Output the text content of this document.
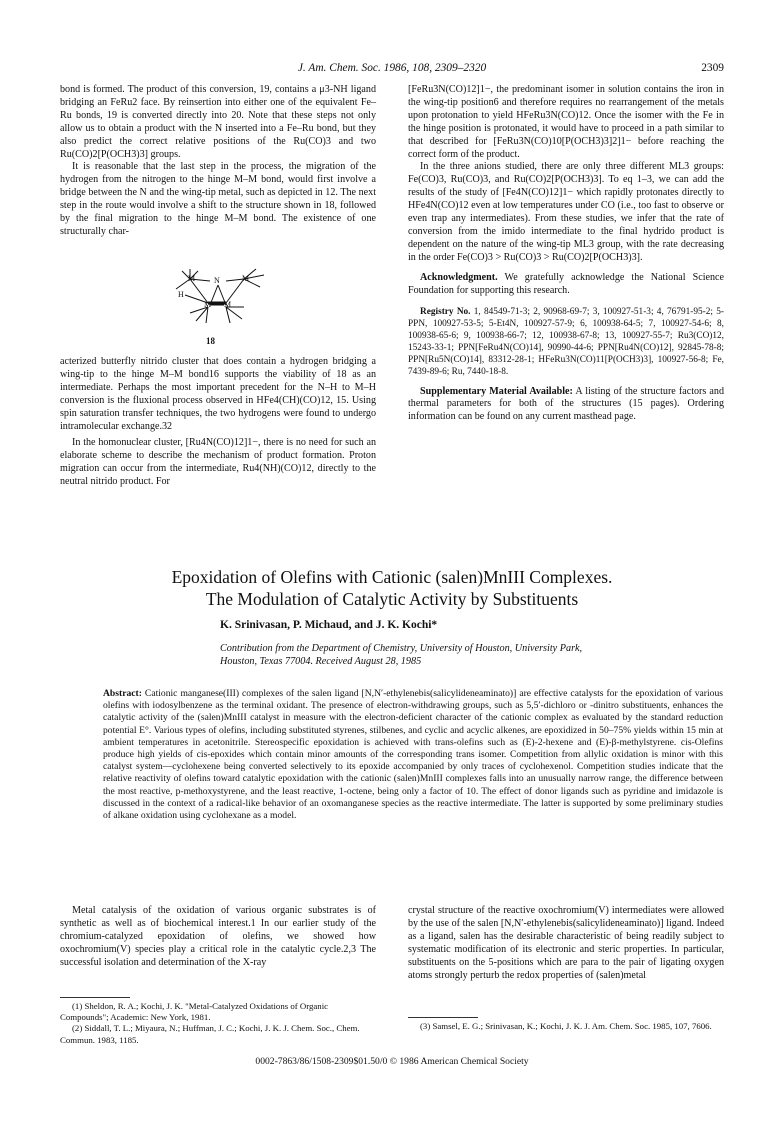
J. Am. Chem. Soc. 1986, 108, 2309–2320	2309

bond is formed. The product of this conversion, 19, contains a μ3-NH ligand bridging an FeRu2 face. By reinsertion into either one of the equivalent Fe–Ru bonds, 19 is converted directly into 20. Note that these steps not only allow us to obtain a product with the N inserted into a Fe–Ru bond, but they also predict the correct relative positions of the Ru(CO)3 and two Ru(CO)2[P(OCH3)3] groups.

It is reasonable that the last step in the process, the migration of the hydrogen from the nitrogen to the hinge M–M bond, would first involve a bridge between the N and the wing-tip metal, such as depicted in 12. The next step in the route would involve a shift to the structure shown in 18, followed by the final migration to the hinge M–M bond. The existence of one structurally char-

M N	M
H
M M
18

acterized butterfly nitrido cluster that does contain a hydrogen bridging a wing-tip to the hinge M–M bond16 supports the viability of 18 as an intermediate. Perhaps the most important precedent for the N–H to M–H conversion is the fluxional process observed in HFe4(CH)(CO)12, 15. Using spin saturation transfer techniques, the two hydrogens were found to undergo intramolecular exchange.32

In the homonuclear cluster, [Ru4N(CO)12]1−, there is no need for such an elaborate scheme to describe the mechanism of product formation. Proton migration can occur from the intermediate, Ru4(NH)(CO)12, directly to the neutral nitrido product. For

[FeRu3N(CO)12]1−, the predominant isomer in solution contains the iron in the wing-tip position6 and therefore requires no rearrangement of the metals upon protonation to yield HFeRu3N(CO)12. Once the isomer with the Fe in the hinge position is protonated, it would have to proceed in a path similar to that described for [FeRu3N(CO)10[P(OCH3)3]2]1− before reaching the correct form of the product.

In the three anions studied, there are only three different ML3 groups: Fe(CO)3, Ru(CO)3, and Ru(CO)2[P(OCH3)3]. To eq 1–3, we can add the results of the study of [Fe4N(CO)12]1− which rapidly protonates directly to HFe4N(CO)12 even at low temperatures under CO (i.e., too fast to observe or even trap any intermediates). From these studies, we infer that the rate of conversion from the imido intermediate to the final hydrido product is dependent on the nature of the wing-tip ML3 group, with the rate decreasing in the order Fe(CO)3 > Ru(CO)3 > Ru(CO)2[P(OCH3)3].

Acknowledgment. We gratefully acknowledge the National Science Foundation for supporting this research.

Registry No. 1, 84549-71-3; 2, 90968-69-7; 3, 100927-51-3; 4, 76791-95-2; 5-PPN, 100927-53-5; 5-Et4N, 100927-57-9; 6, 100938-64-5; 7, 100927-54-6; 8, 100938-65-6; 9, 100938-66-7; 12, 100938-67-8; 13, 100927-55-7; Ru3(CO)12, 15243-33-1; PPN[FeRu4N(CO)14], 90990-44-6; PPN[Ru4N(CO)12], 92845-78-8; PPN[Ru5N(CO)14], 83312-28-1; HFeRu3N(CO)11[P(OCH3)3], 100927-56-8; Fe, 7439-89-6; Ru, 7440-18-8.

Supplementary Material Available: A listing of the structure factors and thermal parameters for both of the structures (15 pages). Ordering information can be found on any current masthead page.

Epoxidation of Olefins with Cationic (salen)MnIII Complexes.
The Modulation of Catalytic Activity by Substituents
K. Srinivasan, P. Michaud, and J. K. Kochi*
Contribution from the Department of Chemistry, University of Houston, University Park,
Houston, Texas 77004. Received August 28, 1985
Abstract: Cationic manganese(III) complexes of the salen ligand [N,N′-ethylenebis(salicylideneaminato)] are effective catalysts for the epoxidation of various olefins with iodosylbenzene as the terminal oxidant. The presence of electron-withdrawing groups, such as 5,5′-dichloro or -dinitro substituents, enhances the catalytic activity of the (salen)MnIII catalyst in measure with the electron-deficient character of the cationic complex as evaluated by the standard reduction potential E°. Various types of olefins, including substituted styrenes, stilbenes, and cyclic and acyclic alkenes, are epoxidized in 50–75% yields within 15 min at ambient temperatures in acetonitrile. Stereospecific epoxidation is achieved with trans-olefins such as (E)-2-hexene and (E)-β-methylstyrene. cis-Olefins produce high yields of cis-epoxides which contain minor amounts of the corresponding trans isomer. Competition from allylic oxidation is minor with this catalyst system—cyclohexene being converted selectively to its epoxide accompanied by only traces of cyclohexenol. Competition studies indicate that the relative reactivity of olefins toward catalytic epoxidation with the cationic (salen)MnIII complexes falls into an unusually narrow range, the difference between the most reactive, p-methoxystyrene, and the least reactive, 1-octene, being only a factor of 10. The effect of donor ligands such as pyridine and imidazole is discussed in the context of a radical-like behavior of an oxomanganese species as the reactive intermediate. The latter is supported by some preliminary studies of alkane oxidation using cyclohexane as a model.

Metal catalysis of the oxidation of various organic substrates is of synthetic as well as of biochemical interest.1 In our earlier study of the chromium-catalyzed epoxidation of olefins, we showed how oxochromium(V) species play a critical role in the catalytic cycle.2,3 The successful isolation and determination of the X-ray

crystal structure of the reactive oxochromium(V) intermediates were allowed by the use of the salen [N,N′-ethylenebis(salicylideneaminato)] ligand. Indeed as a ligand, salen has the desirable characteristic of being readily subject to systematic modification of its electronic and steric properties. In particular, substituents on the 5-positions which are para to the pair of ligating oxygen atoms strongly perturb the redox properties of (salen)metal

(1) Sheldon, R. A.; Kochi, J. K. "Metal-Catalyzed Oxidations of Organic Compounds"; Academic: New York, 1981.

(2) Siddall, T. L.; Miyaura, N.; Huffman, J. C.; Kochi, J. K. J. Chem. Soc., Chem. Commun. 1983, 1185.

(3) Samsel, E. G.; Srinivasan, K.; Kochi, J. K. J. Am. Chem. Soc. 1985, 107, 7606.

0002-7863/86/1508-2309$01.50/0 © 1986 American Chemical Society
